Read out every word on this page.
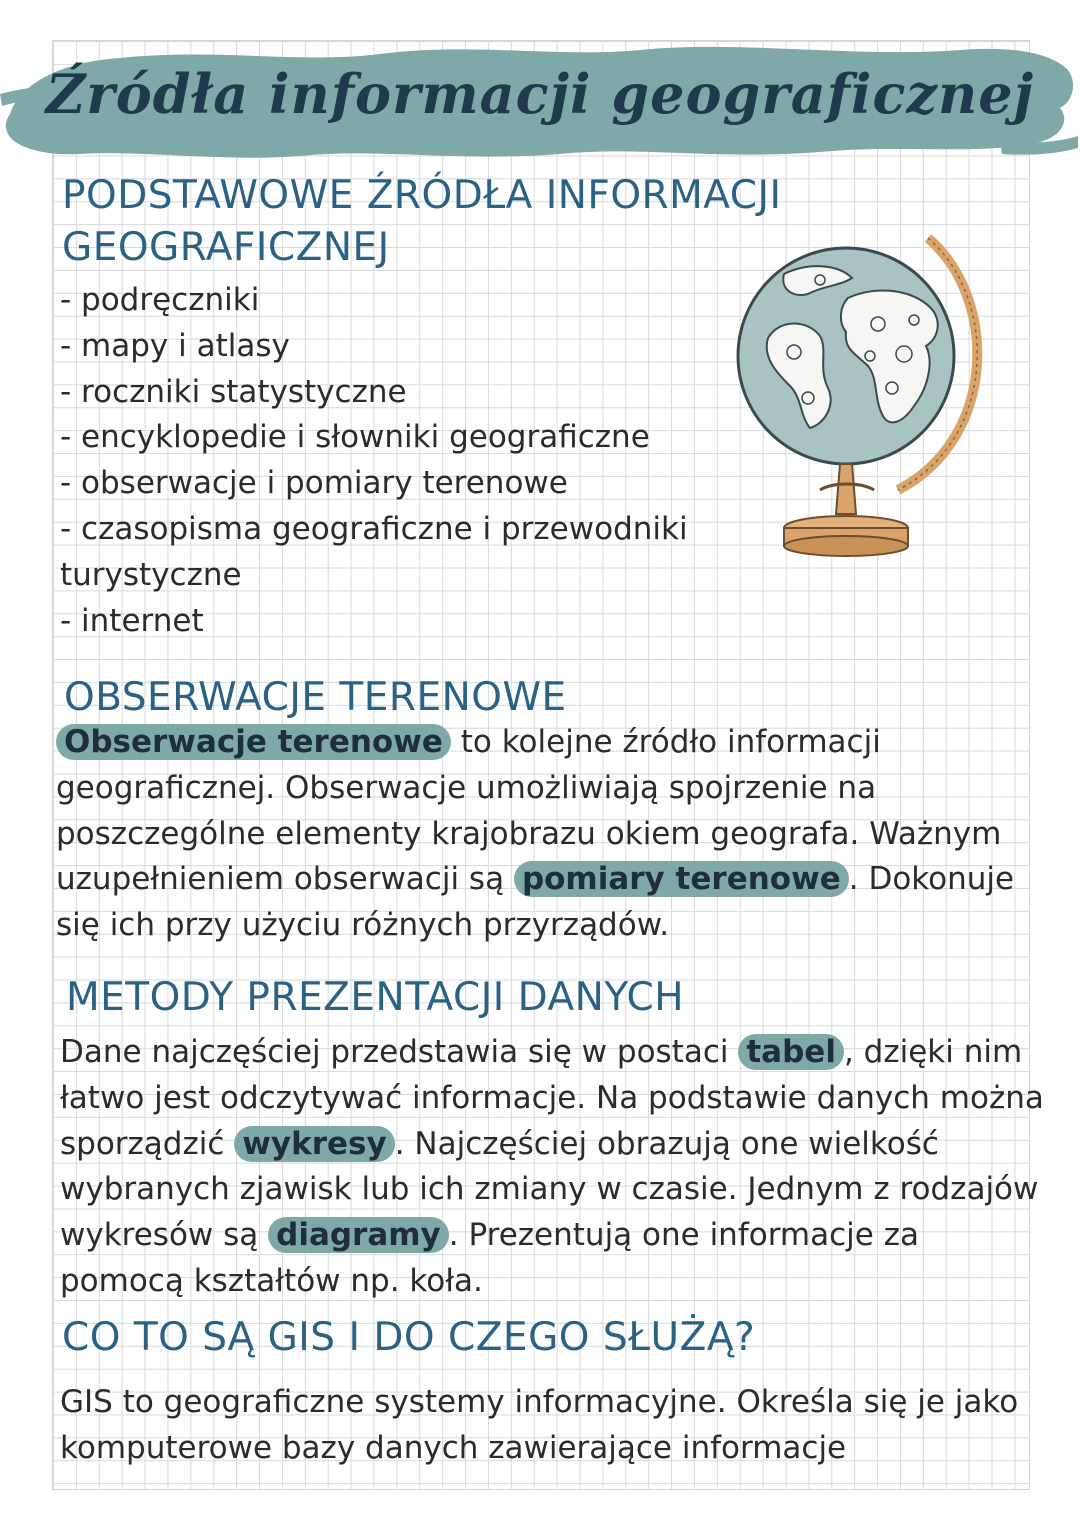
Źródła informacji geograficznej
PODSTAWOWE ŹRÓDŁA INFORMACJI
GEOGRAFICZNEJ
- podręczniki
- mapy i atlasy
- roczniki statystyczne
- encyklopedie i słowniki geograficzne
- obserwacje i pomiary terenowe
- czasopisma geograficzne i przewodniki turystyczne
- internet
OBSERWACJE TERENOWE

Obserwacje terenowe to kolejne źródło informacji geograficznej. Obserwacje umożliwiają spojrzenie na poszczególne elementy krajobrazu okiem geografa. Ważnym uzupełnieniem obserwacji są pomiary terenowe . Dokonuje się ich przy użyciu różnych przyrządów.

METODY PREZENTACJI DANYCH

Dane najczęściej przedstawia się w postaci tabel , dzięki nim łatwo jest odczytywać informacje. Na podstawie danych można sporządzić wykresy . Najczęściej obrazują one wielkość wybranych zjawisk lub ich zmiany w czasie. Jednym z rodzajów wykresów są diagramy . Prezentują one informacje za pomocą kształtów np. koła.

CO TO SĄ GIS I DO CZEGO SŁUŻĄ?

GIS to geograficzne systemy informacyjne. Określa się je jako komputerowe bazy danych zawierające informacje
